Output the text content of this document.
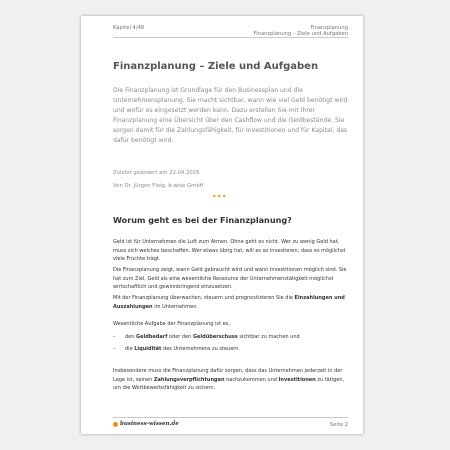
Kapitel 4/48	Finanzplanung
Finanzplanung – Ziele und Aufgaben
Finanzplanung – Ziele und Aufgaben

Die Finanzplanung ist Grundlage für den Businessplan und die Unternehmensplanung. Sie macht sichtbar, wann wie viel Geld benötigt wird und wofür es eingesetzt werden kann. Dazu erstellen Sie mit Ihrer Finanzplanung eine Übersicht über den Cashflow und die Geldbestände. Sie sorgen damit für die Zahlungsfähigkeit, für Investitionen und für Kapital, das dafür benötigt wird.

Zuletzt geändert am 22.04.2025
Von Dr. Jürgen Fleig, b-wise GmbH
•••
Worum geht es bei der Finanzplanung?

Geld ist für Unternehmen die Luft zum Atmen. Ohne geht es nicht. Wer zu wenig Geld hat, muss sich welches beschaffen. Wer etwas übrig hat, will es so investieren, dass es möglichst viele Früchte trägt.

Die Finanzplanung zeigt, wann Geld gebraucht wird und wann Investitionen möglich sind. Sie hat zum Ziel, Geld als eine wesentliche Ressource der Unternehmenstätigkeit möglichst wirtschaftlich und gewinnbringend einzusetzen.

Mit der Finanzplanung überwachen, steuern und prognostizieren Sie die Einzahlungen und Auszahlungen im Unternehmen.

Wesentliche Aufgabe der Finanzplanung ist es,

– den Geldbedarf oder den Geldüberschuss sichtbar zu machen und
– die Liquidität des Unternehmens zu steuern.

Insbesondere muss die Finanzplanung dafür sorgen, dass das Unternehmen jederzeit in der Lage ist, seinen Zahlungsverpflichtungen nachzukommen und Investitionen zu tätigen, um die Wettbewerbsfähigkeit zu sichern.

business-wissen.de	Seite 2
